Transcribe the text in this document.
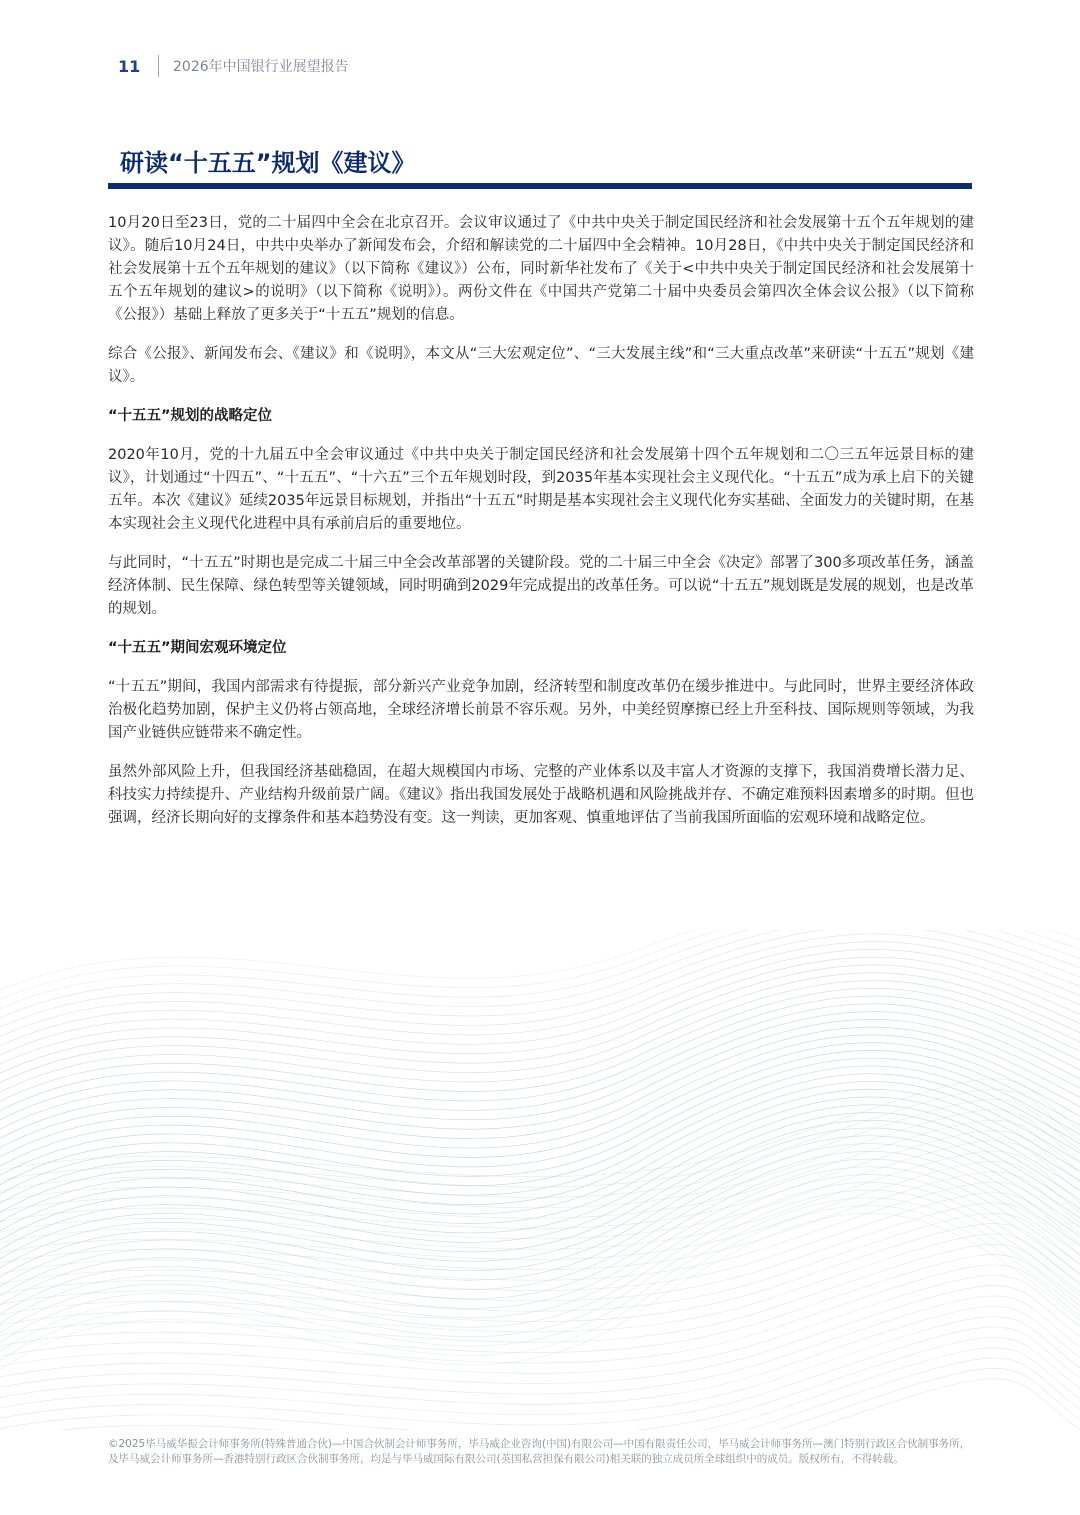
11	2026年中国银行业展望报告
研读“十五五”规划《建议》

10月20日至23日，党的二十届四中全会在北京召开。会议审议通过了《中共中央关于制定国民经济和社会发展第十五个五年规划的建议》。随后10月24日，中共中央举办了新闻发布会，介绍和解读党的二十届四中全会精神。10月28日，《中共中央关于制定国民经济和社会发展第十五个五年规划的建议》（以下简称《建议》）公布，同时新华社发布了《关于<中共中央关于制定国民经济和社会发展第十五个五年规划的建议>的说明》（以下简称《说明》）。两份文件在《中国共产党第二十届中央委员会第四次全体会议公报》（以下简称《公报》）基础上释放了更多关于“十五五”规划的信息。

综合《公报》、新闻发布会、《建议》和《说明》，本文从“三大宏观定位”、“三大发展主线”和“三大重点改革”来研读“十五五”规划《建议》。

“十五五”规划的战略定位

2020年10月，党的十九届五中全会审议通过《中共中央关于制定国民经济和社会发展第十四个五年规划和二〇三五年远景目标的建议》，计划通过“十四五”、“十五五”、“十六五”三个五年规划时段，到2035年基本实现社会主义现代化。“十五五”成为承上启下的关键五年。本次《建议》延续2035年远景目标规划，并指出“十五五”时期是基本实现社会主义现代化夯实基础、全面发力的关键时期，在基本实现社会主义现代化进程中具有承前启后的重要地位。

与此同时，“十五五”时期也是完成二十届三中全会改革部署的关键阶段。党的二十届三中全会《决定》部署了300多项改革任务，涵盖经济体制、民生保障、绿色转型等关键领域，同时明确到2029年完成提出的改革任务。可以说“十五五”规划既是发展的规划，也是改革的规划。

“十五五”期间宏观环境定位

“十五五”期间，我国内部需求有待提振，部分新兴产业竞争加剧，经济转型和制度改革仍在缓步推进中。与此同时，世界主要经济体政治极化趋势加剧，保护主义仍将占领高地，全球经济增长前景不容乐观。另外，中美经贸摩擦已经上升至科技、国际规则等领域，为我国产业链供应链带来不确定性。

虽然外部风险上升，但我国经济基础稳固，在超大规模国内市场、完整的产业体系以及丰富人才资源的支撑下，我国消费增长潜力足、科技实力持续提升、产业结构升级前景广阔。《建议》指出我国发展处于战略机遇和风险挑战并存、不确定难预料因素增多的时期。但也强调，经济长期向好的支撑条件和基本趋势没有变。这一判读，更加客观、慎重地评估了当前我国所面临的宏观环境和战略定位。

©2025毕马威华振会计师事务所(特殊普通合伙)—中国合伙制会计师事务所，毕马威企业咨询(中国)有限公司—中国有限责任公司，毕马威会计师事务所—澳门特别行政区合伙制事务所，及毕马威会计师事务所—香港特别行政区合伙制事务所，均是与毕马威国际有限公司(英国私营担保有限公司)相关联的独立成员所全球组织中的成员。版权所有，不得转载。
